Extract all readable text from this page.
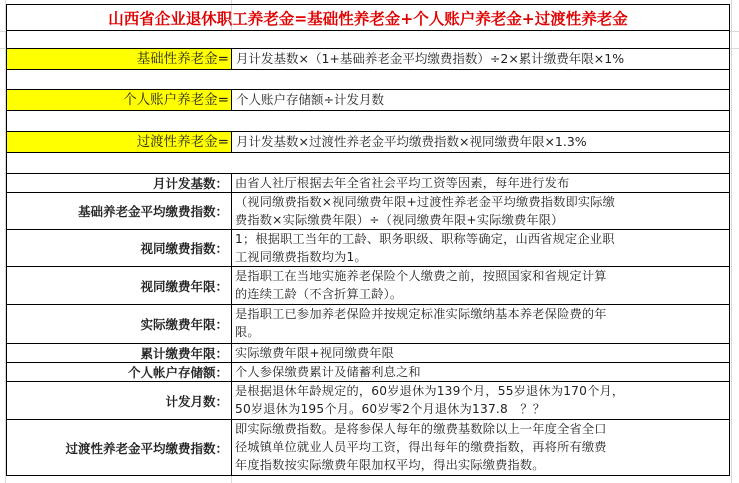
山西省企业退休职工养老金=基础性养老金+个人账户养老金+过渡性养老金
基础性养老金= 月计发基数×（1+基础养老金平均缴费指数）÷2×累计缴费年限×1%
个人账户养老金= 个人账户存储额÷计发月数
过渡性养老金= 月计发基数×过渡性养老金平均缴费指数×视同缴费年限×1.3%
月计发基数： 由省人社厅根据去年全省社会平均工资等因素，每年进行发布
基础养老金平均缴费指数：
（视同缴费指数×视同缴费年限+过渡性养老金平均缴费指数即实际缴
费指数×实际缴费年限）÷（视同缴费年限+实际缴费年限）
视同缴费指数：
1；根据职工当年的工龄、职务职级、职称等确定，山西省规定企业职
工视同缴费指数均为1。
视同缴费年限：
是指职工在当地实施养老保险个人缴费之前，按照国家和省规定计算
的连续工龄（不含折算工龄）。
实际缴费年限：
是指职工已参加养老保险并按规定标准实际缴纳基本养老保险费的年
限。
累计缴费年限： 实际缴费年限+视同缴费年限
个人帐户存储额： 个人参保缴费累计及储蓄利息之和
计发月数：
是根据退休年龄规定的，60岁退休为139个月，55岁退休为170个月，
50岁退休为195个月。60岁零2个月退休为137.8　？？
过渡性养老金平均缴费指数：
即实际缴费指数。是将参保人每年的缴费基数除以上一年度全省全口
径城镇单位就业人员平均工资，得出每年的缴费指数，再将所有缴费
年度指数按实际缴费年限加权平均，得出实际缴费指数。
